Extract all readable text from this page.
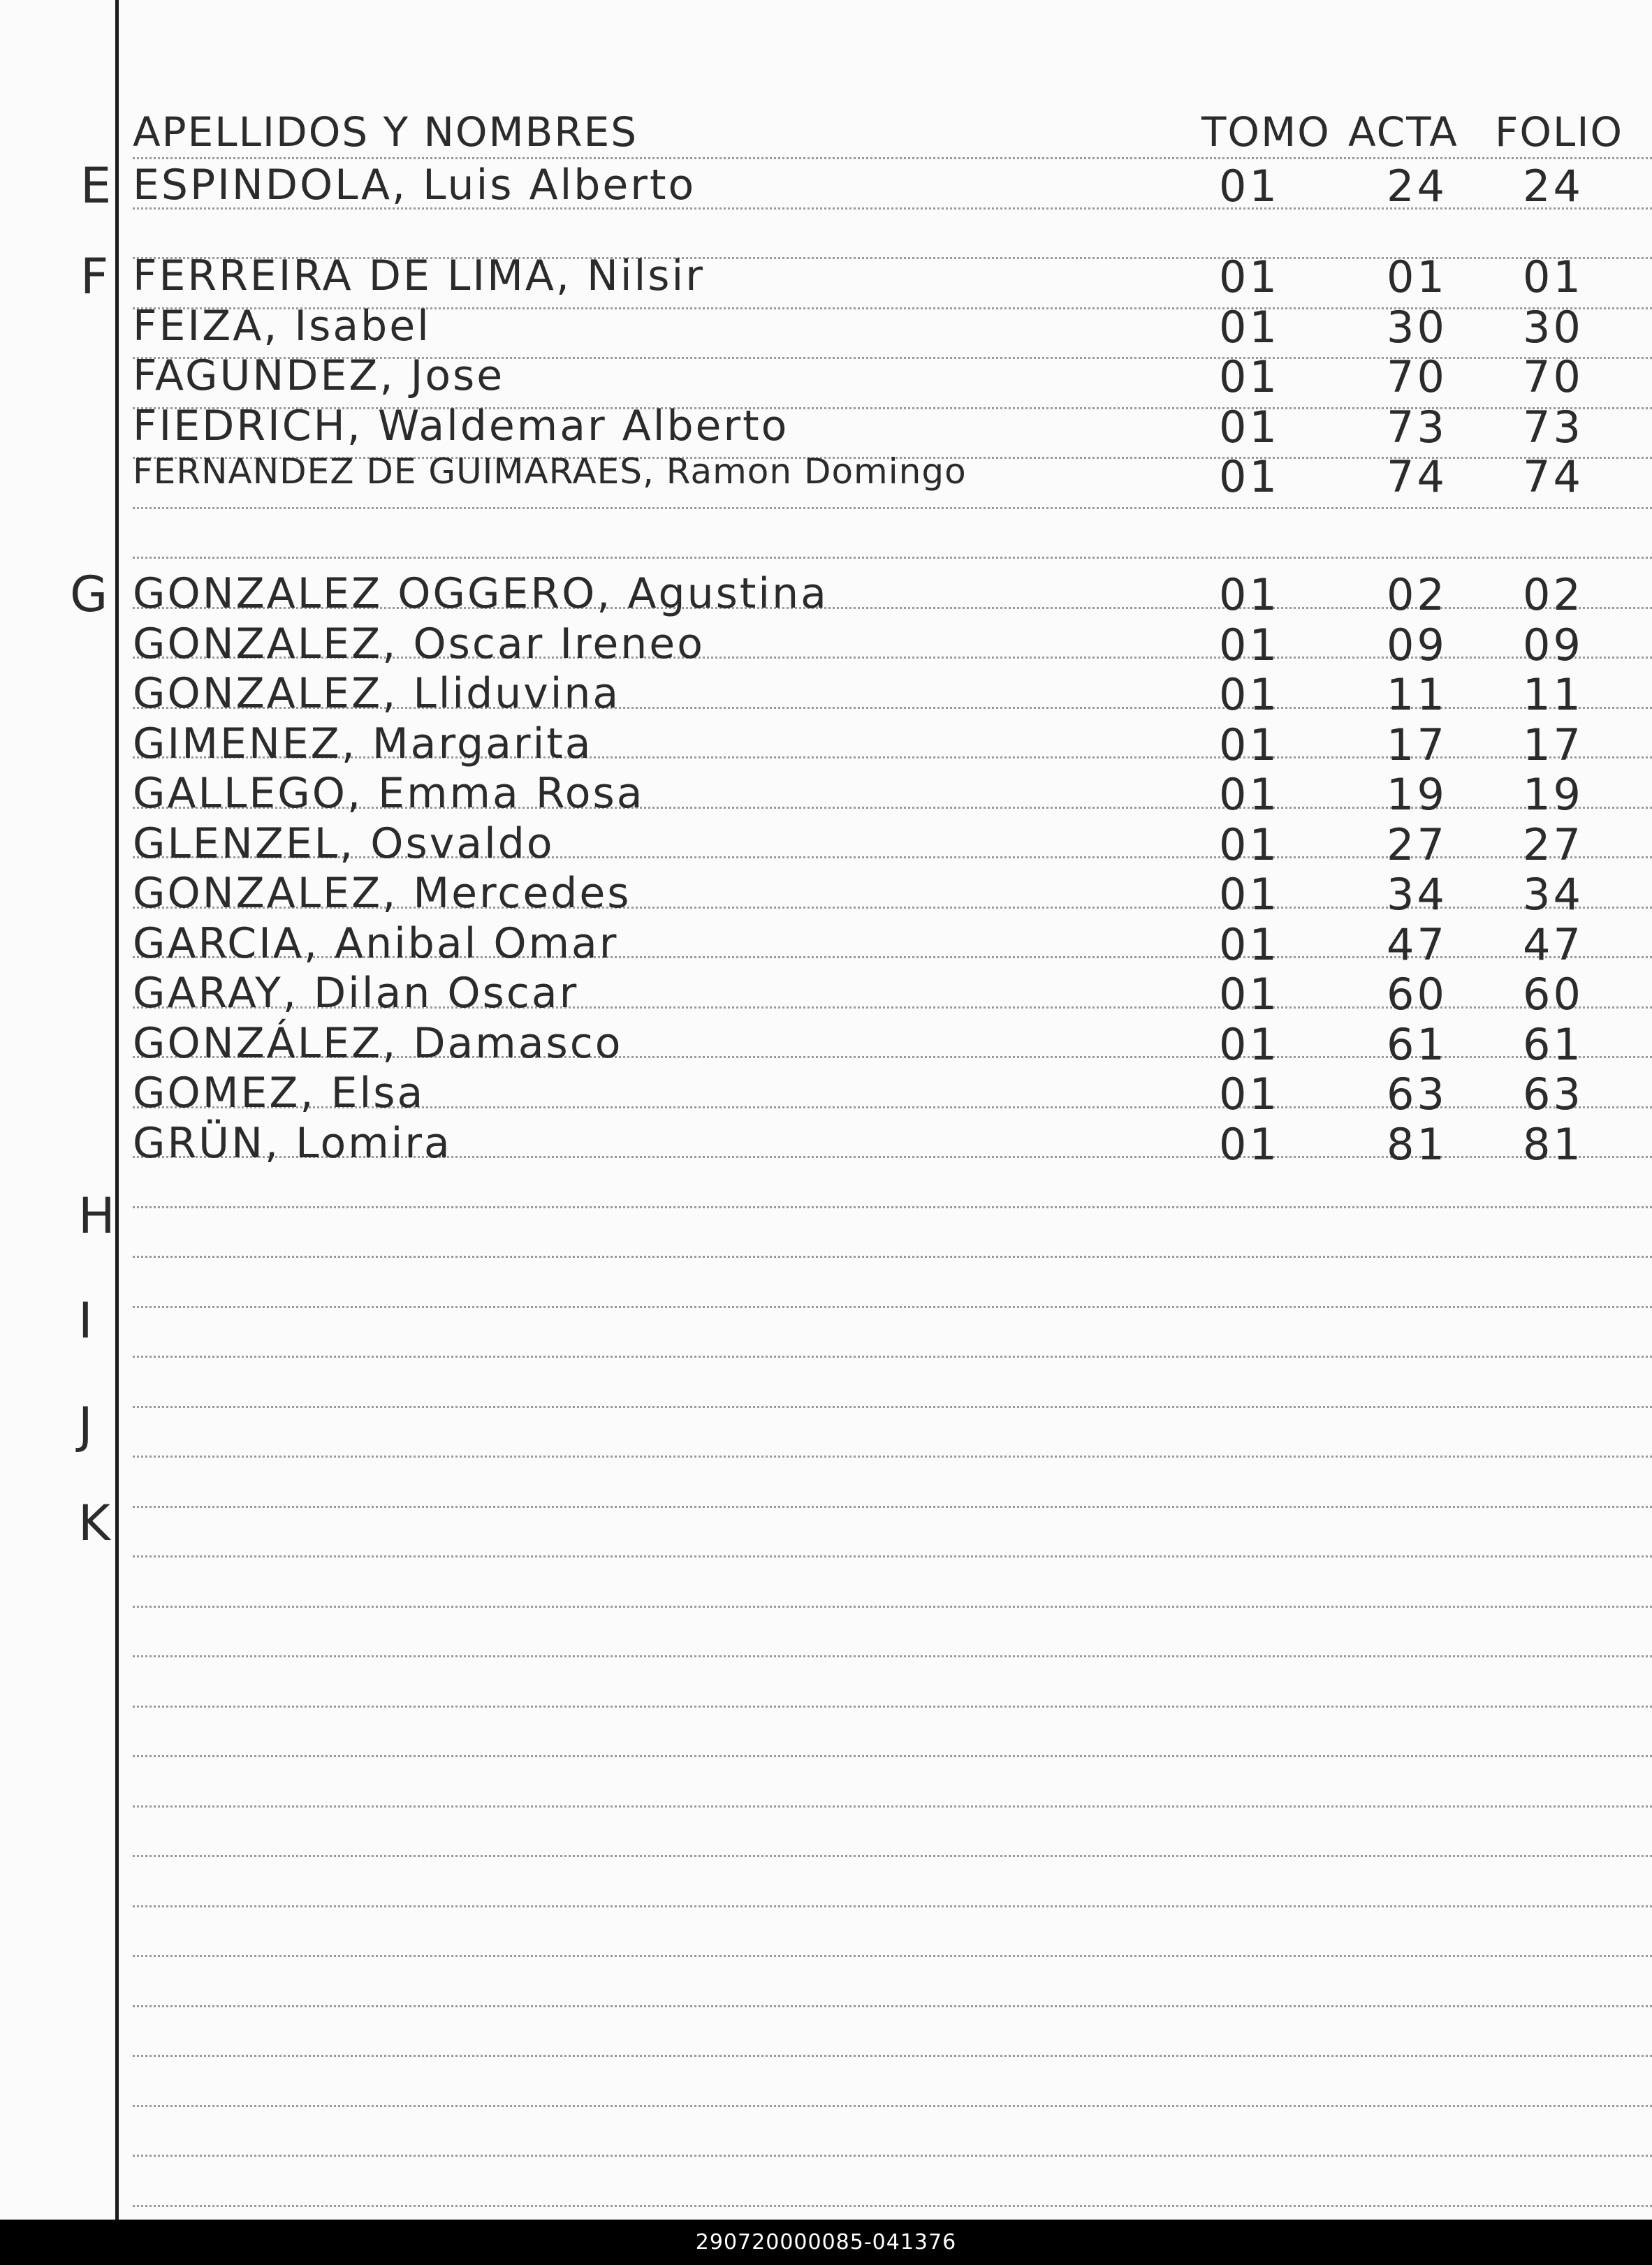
APELLIDOS Y NOMBRES	TOMO ACTA FOLIO
E ESPINDOLA, Luis Alberto	01 24 24
F FERREIRA DE LIMA, Nilsir	01 01 01
FEIZA, Isabel	01 30 30
FAGUNDEZ, Jose	01 70 70
FIEDRICH, Waldemar Alberto	01 73 73
FERNANDEZ DE GUIMARAES, Ramon Domingo	01 74 74
G GONZALEZ OGGERO, Agustina	01 02 02
GONZALEZ, Oscar Ireneo	01 09 09
GONZALEZ, Lliduvina	01 11 11
GIMENEZ, Margarita	01 17 17
GALLEGO, Emma Rosa	01 19 19
GLENZEL, Osvaldo	01 27 27
GONZALEZ, Mercedes	01 34 34
GARCIA, Anibal Omar	01 47 47
GARAY, Dilan Oscar	01 60 60
GONZÁLEZ, Damasco	01 61 61
GOMEZ, Elsa	01 63 63
GRÜN, Lomira	01 81 81
H
I
J
K
290720000085-041376
